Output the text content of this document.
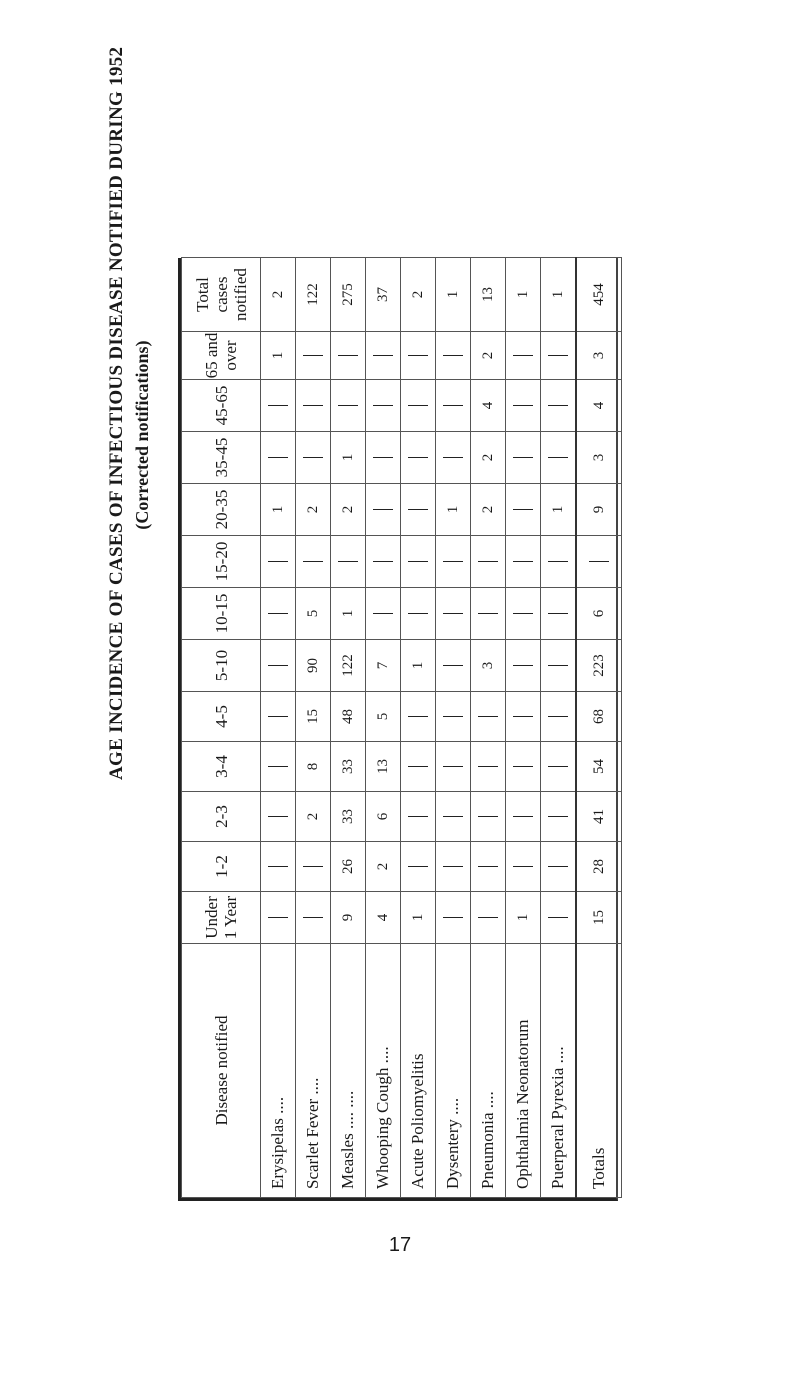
AGE INCIDENCE OF CASES OF INFECTIOUS DISEASE NOTIFIED DURING 1952 (Corrected notifications)
Disease notified	Under 1 Year	1-2	2-3	3-4	4-5	5-10	10-15	15-20	20-35	35-45	45-65	65 and over	Total cases notified
Erysipelas ....									1			1	2
Scarlet Fever ....			2	8	15	90	5		2				122
Measles .... ....	9	26	33	33	48	122	1		2	1			275
Whooping Cough ....	4	2	6	13	5	7							37
Acute Poliomyelitis	1					1							2
Dysentery ....									1				1
Pneumonia ....						3			2	2	4	2	13
Ophthalmia Neonatorum	1												1
Puerperal Pyrexia ....									1				1
Totals	15	28	41	54	68	223	6		9	3	4	3	454
17
